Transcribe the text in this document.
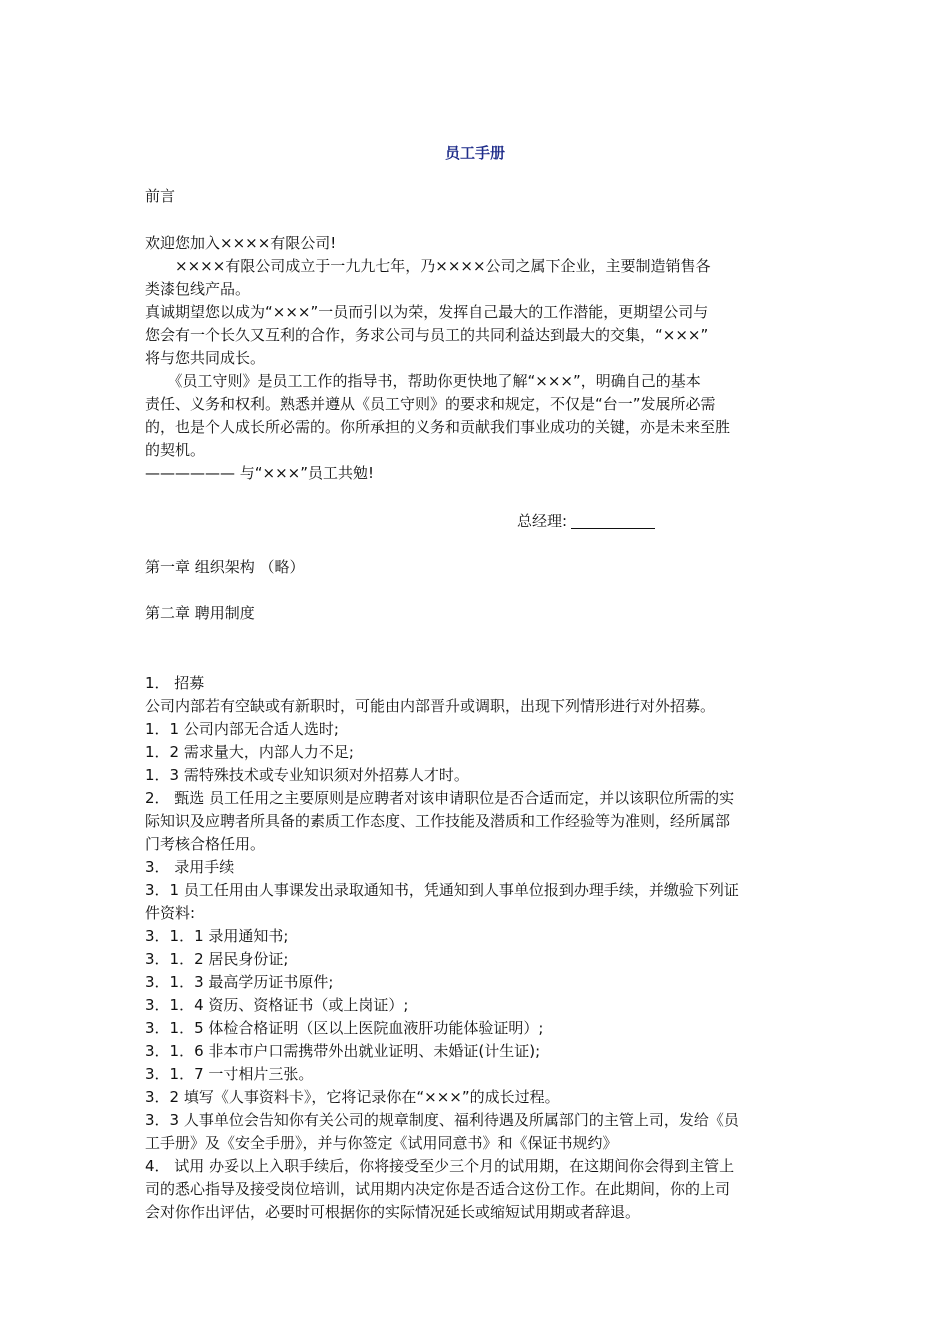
员工手册
前言
欢迎您加入××××有限公司!
　　××××有限公司成立于一九九七年，乃××××公司之属下企业，主要制造销售各
类漆包线产品。
真诚期望您以成为“×××”一员而引以为荣，发挥自己最大的工作潜能，更期望公司与
您会有一个长久又互利的合作，务求公司与员工的共同利益达到最大的交集，“×××”
将与您共同成长。
　　《员工守则》是员工工作的指导书，帮助你更快地了解“×××”，明确自己的基本
责任、义务和权利。熟悉并遵从《员工守则》的要求和规定，不仅是“台一”发展所必需
的，也是个人成长所必需的。你所承担的义务和贡献我们事业成功的关键，亦是未来至胜
的契机。
—————— 与“×××”员工共勉!
总经理:
第一章 组织架构 （略）
第二章 聘用制度
1． 招募
公司内部若有空缺或有新职时，可能由内部晋升或调职，出现下列情形进行对外招募。
1．1 公司内部无合适人选时;
1．2 需求量大，内部人力不足;
1．3 需特殊技术或专业知识须对外招募人才时。
2． 甄选 员工任用之主要原则是应聘者对该申请职位是否合适而定，并以该职位所需的实
际知识及应聘者所具备的素质工作态度、工作技能及潜质和工作经验等为准则，经所属部
门考核合格任用。
3． 录用手续
3．1 员工任用由人事课发出录取通知书，凭通知到人事单位报到办理手续，并缴验下列证
件资料:
3．1．1 录用通知书;
3．1．2 居民身份证;
3．1．3 最高学历证书原件;
3．1．4 资历、资格证书（或上岗证）;
3．1．5 体检合格证明（区以上医院血液肝功能体验证明）;
3．1．6 非本市户口需携带外出就业证明、未婚证(计生证);
3．1．7 一寸相片三张。
3．2 填写《人事资料卡》，它将记录你在“×××”的成长过程。
3．3 人事单位会告知你有关公司的规章制度、福利待遇及所属部门的主管上司，发给《员
工手册》及《安全手册》，并与你签定《试用同意书》和《保证书规约》
4． 试用 办妥以上入职手续后，你将接受至少三个月的试用期，在这期间你会得到主管上
司的悉心指导及接受岗位培训，试用期内决定你是否适合这份工作。在此期间，你的上司
会对你作出评估，必要时可根据你的实际情况延长或缩短试用期或者辞退。
